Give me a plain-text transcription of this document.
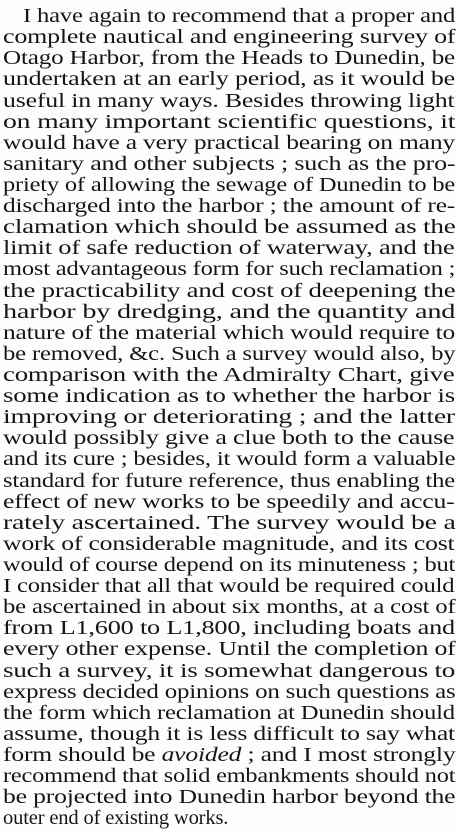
I have again to recommend that a proper and
complete nautical and engineering survey of
Otago Harbor, from the Heads to Dunedin, be
undertaken at an early period, as it would be
useful in many ways. Besides throwing light
on many important scientific questions, it
would have a very practical bearing on many
sanitary and other subjects ; such as the pro-
priety of allowing the sewage of Dunedin to be
discharged into the harbor ; the amount of re-
clamation which should be assumed as the
limit of safe reduction of waterway, and the
most advantageous form for such reclamation ;
the practicability and cost of deepening the
harbor by dredging, and the quantity and
nature of the material which would require to
be removed, &c. Such a survey would also, by
comparison with the Admiralty Chart, give
some indication as to whether the harbor is
improving or deteriorating ; and the latter
would possibly give a clue both to the cause
and its cure ; besides, it would form a valuable
standard for future reference, thus enabling the
effect of new works to be speedily and accu-
rately ascertained. The survey would be a
work of considerable magnitude, and its cost
would of course depend on its minuteness ; but
I consider that all that would be required could
be ascertained in about six months, at a cost of
from L1,600 to L1,800, including boats and
every other expense. Until the completion of
such a survey, it is somewhat dangerous to
express decided opinions on such questions as
the form which reclamation at Dunedin should
assume, though it is less difficult to say what
form should be avoided ; and I most strongly
recommend that solid embankments should not
be projected into Dunedin harbor beyond the
outer end of existing works.
